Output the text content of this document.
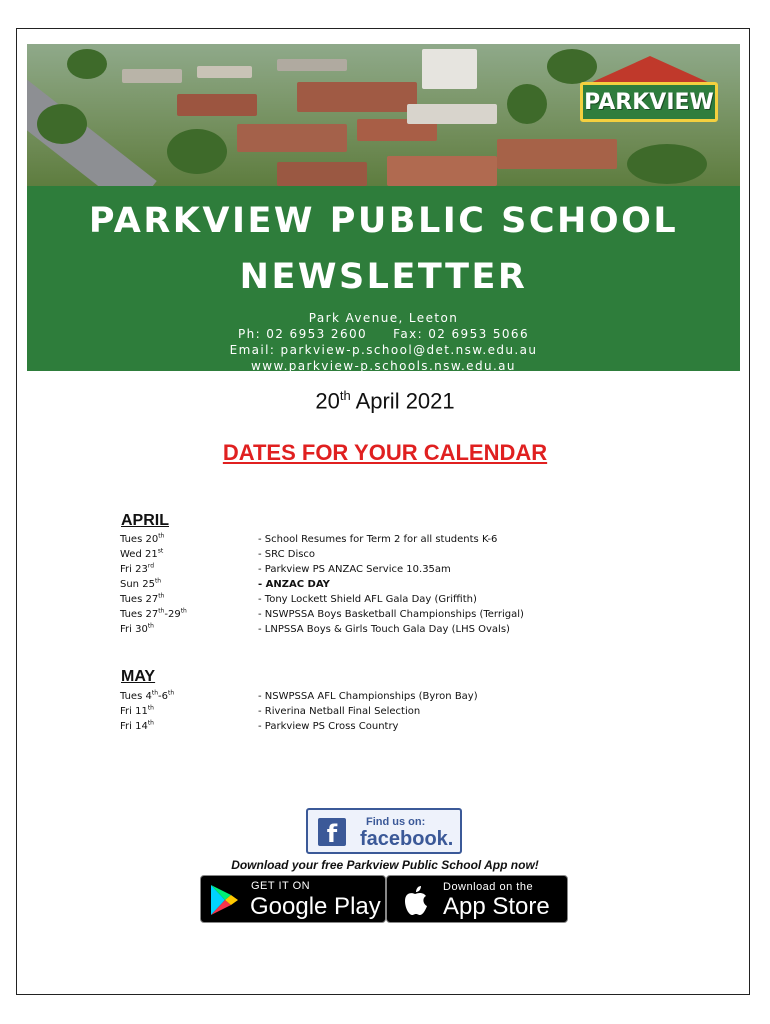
PARKVIEW
PARKVIEW PUBLIC SCHOOL
NEWSLETTER
Park Avenue, Leeton
Ph: 02 6953 2600     Fax: 02 6953 5066
Email: parkview-p.school@det.nsw.edu.au
www.parkview-p.schools.nsw.edu.au
20th April 2021
DATES FOR YOUR CALENDAR
APRIL
Tues 20th	- School Resumes for Term 2 for all students K-6
Wed 21st	- SRC Disco
Fri 23rd	- Parkview PS ANZAC Service 10.35am
Sun 25th	- ANZAC DAY
Tues 27th	- Tony Lockett Shield AFL Gala Day (Griffith)
Tues 27th-29th	- NSWPSSA Boys Basketball Championships (Terrigal)
Fri 30th	- LNPSSA Boys & Girls Touch Gala Day (LHS Ovals)
MAY
Tues 4th-6th	- NSWPSSA AFL Championships (Byron Bay)
Fri 11th	- Riverina Netball Final Selection
Fri 14th	- Parkview PS Cross Country
f	Find us on:
facebook.
Download your free Parkview Public School App now!
GET IT ON
Google Play
Download on the
App Store
